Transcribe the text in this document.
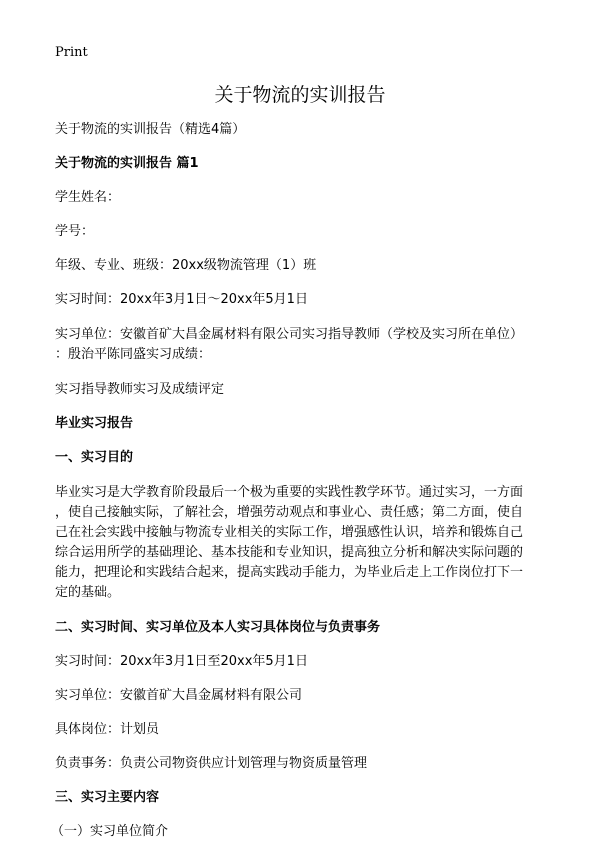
Print
关于物流的实训报告

关于物流的实训报告（精选4篇）

关于物流的实训报告 篇1

学生姓名：

学号：

年级、专业、班级：20xx级物流管理（1）班

实习时间：20xx年3月1日～20xx年5月1日

实习单位：安徽首矿大昌金属材料有限公司实习指导教师（学校及实习所在单位）

：殷治平陈同盛实习成绩：

实习指导教师实习及成绩评定

毕业实习报告

一、实习目的

毕业实习是大学教育阶段最后一个极为重要的实践性教学环节。通过实习，一方面

，使自己接触实际，了解社会，增强劳动观点和事业心、责任感；第二方面，使自

己在社会实践中接触与物流专业相关的实际工作，增强感性认识，培养和锻炼自己

综合运用所学的基础理论、基本技能和专业知识，提高独立分析和解决实际问题的

能力，把理论和实践结合起来，提高实践动手能力，为毕业后走上工作岗位打下一

定的基础。

二、实习时间、实习单位及本人实习具体岗位与负责事务

实习时间：20xx年3月1日至20xx年5月1日

实习单位：安徽首矿大昌金属材料有限公司

具体岗位：计划员

负责事务：负责公司物资供应计划管理与物资质量管理

三、实习主要内容

（一）实习单位简介
